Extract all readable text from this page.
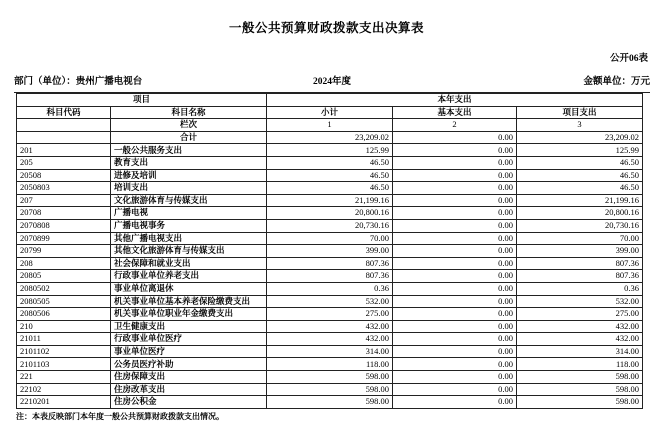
一般公共预算财政拨款支出决算表
公开06表
部门（单位）：贵州广播电视台	2024年度	金额单位：万元
项目		本年支出		
科目代码	科目名称	小计	基本支出	项目支出
	栏次	1	2	3
	合计	23,209.02	0.00	23,209.02
201	一般公共服务支出	125.99	0.00	125.99
205	教育支出	46.50	0.00	46.50
20508	进修及培训	46.50	0.00	46.50
2050803	培训支出	46.50	0.00	46.50
207	文化旅游体育与传媒支出	21,199.16	0.00	21,199.16
20708	广播电视	20,800.16	0.00	20,800.16
2070808	广播电视事务	20,730.16	0.00	20,730.16
2070899	其他广播电视支出	70.00	0.00	70.00
20799	其他文化旅游体育与传媒支出	399.00	0.00	399.00
208	社会保障和就业支出	807.36	0.00	807.36
20805	行政事业单位养老支出	807.36	0.00	807.36
2080502	事业单位离退休	0.36	0.00	0.36
2080505	机关事业单位基本养老保险缴费支出	532.00	0.00	532.00
2080506	机关事业单位职业年金缴费支出	275.00	0.00	275.00
210	卫生健康支出	432.00	0.00	432.00
21011	行政事业单位医疗	432.00	0.00	432.00
2101102	事业单位医疗	314.00	0.00	314.00
2101103	公务员医疗补助	118.00	0.00	118.00
221	住房保障支出	598.00	0.00	598.00
22102	住房改革支出	598.00	0.00	598.00
2210201	住房公积金	598.00	0.00	598.00
注：本表反映部门本年度一般公共预算财政拨款支出情况。
